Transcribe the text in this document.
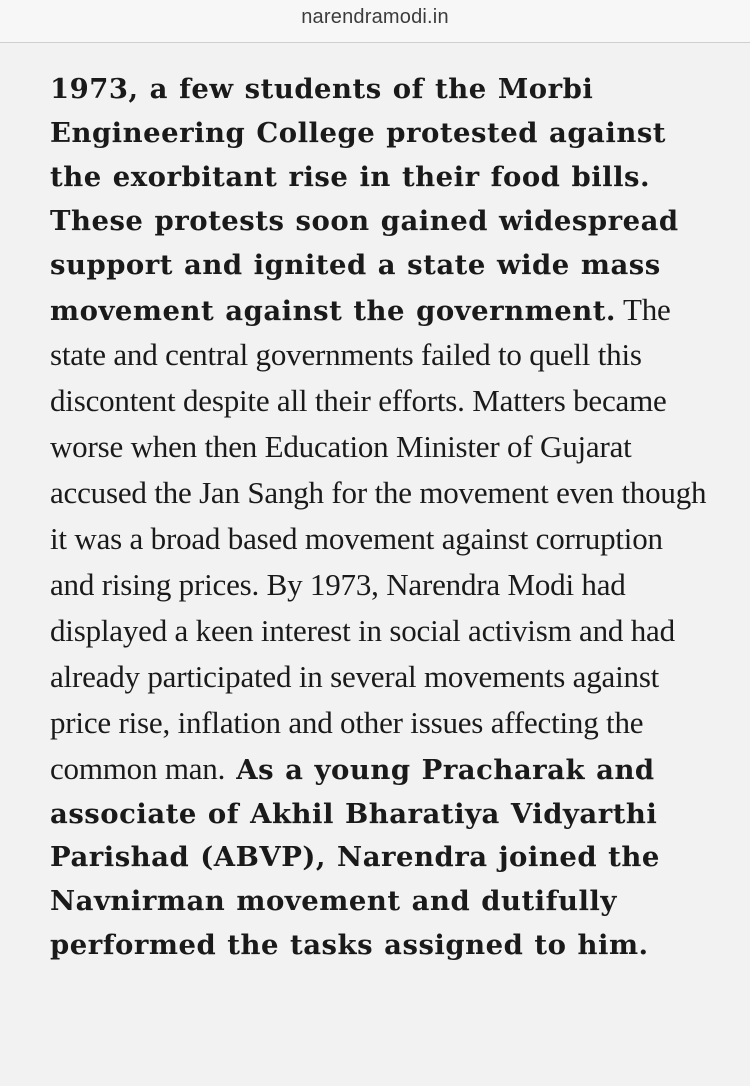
narendramodi.in

1973, a few students of the Morbi Engineering College protested against the exorbitant rise in their food bills. These protests soon gained widespread support and ignited a state wide mass movement against the government. The state and central governments failed to quell this discontent despite all their efforts. Matters became worse when then Education Minister of Gujarat accused the Jan Sangh for the movement even though it was a broad based movement against corruption and rising prices. By 1973, Narendra Modi had displayed a keen interest in social activism and had already participated in several movements against price rise, inflation and other issues affecting the common man. As a young Pracharak and associate of Akhil Bharatiya Vidyarthi Parishad (ABVP), Narendra joined the Navnirman movement and dutifully performed the tasks assigned to him.
